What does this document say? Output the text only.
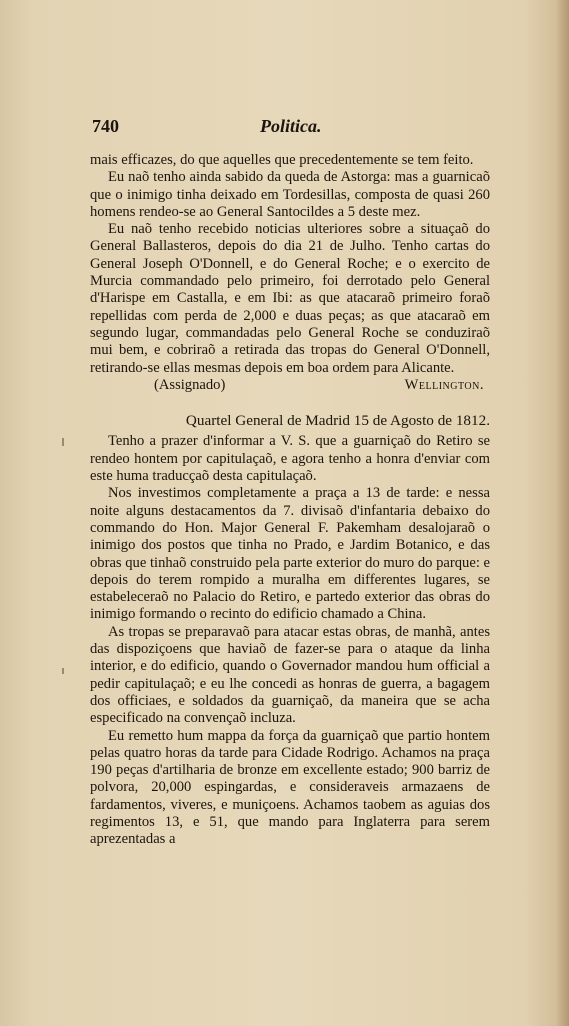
740	Politica.

mais efficazes, do que aquelles que precedentemente se tem feito.

Eu naõ tenho ainda sabido da queda de Astorga: mas a guarnicaõ que o inimigo tinha deixado em Tordesillas, composta de quasi 260 homens rendeo-se ao General Santocildes a 5 deste mez.

Eu naõ tenho recebido noticias ulteriores sobre a situaçaõ do General Ballasteros, depois do dia 21 de Julho. Tenho cartas do General Joseph O'Donnell, e do General Roche; e o exercito de Murcia commandado pelo primeiro, foi derrotado pelo General d'Harispe em Castalla, e em Ibi: as que atacaraõ primeiro foraõ repellidas com perda de 2,000 e duas peças; as que atacaraõ em segundo lugar, commandadas pelo General Roche se conduziraõ mui bem, e cobriraõ a retirada das tropas do General O'Donnell, retirando-se ellas mesmas depois em boa ordem para Alicante.

(Assignado)	Wellington.
Quartel General de Madrid 15 de Agosto de 1812.

Tenho a prazer d'informar a V. S. que a guarniçaõ do Retiro se rendeo hontem por capitulaçaõ, e agora tenho a honra d'enviar com este huma traducçaõ desta capitulaçaõ.

Nos investimos completamente a praça a 13 de tarde: e nessa noite alguns destacamentos da 7. divisaõ d'infantaria debaixo do commando do Hon. Major General F. Pakemham desalojaraõ o inimigo dos postos que tinha no Prado, e Jardim Botanico, e das obras que tinhaõ construido pela parte exterior do muro do parque: e depois do terem rompido a muralha em differentes lugares, se estabeleceraõ no Palacio do Retiro, e partedo exterior das obras do inimigo formando o recinto do edificio chamado a China.

As tropas se preparavaõ para atacar estas obras, de manhã, antes das dispoziçoens que haviaõ de fazer-se para o ataque da linha interior, e do edificio, quando o Governador mandou hum official a pedir capitulaçaõ; e eu lhe concedi as honras de guerra, a bagagem dos officiaes, e soldados da guarniçaõ, da maneira que se acha especificado na convençaõ incluza.

Eu remetto hum mappa da força da guarniçaõ que partio hontem pelas quatro horas da tarde para Cidade Rodrigo. Achamos na praça 190 peças d'artilharia de bronze em excellente estado; 900 barriz de polvora, 20,000 espingardas, e consideraveis armazaens de fardamentos, viveres, e muniçoens. Achamos taobem as aguias dos regimentos 13, e 51, que mando para Inglaterra para serem aprezentadas a
